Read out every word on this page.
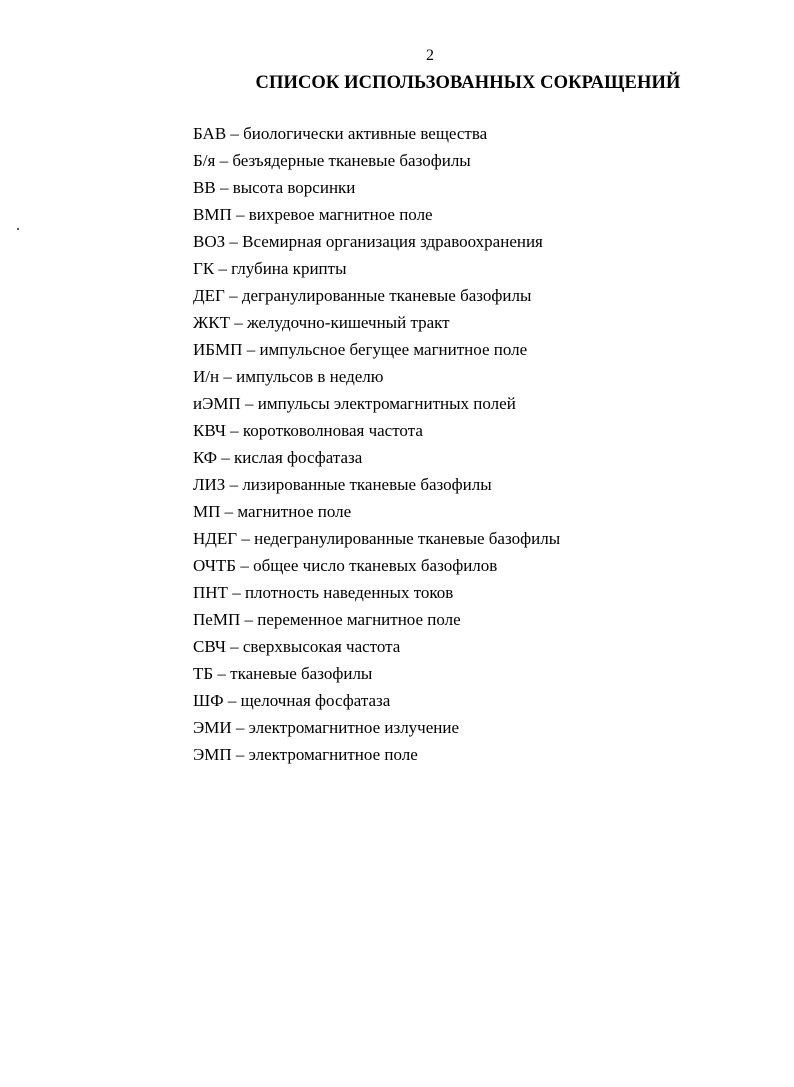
2
СПИСОК ИСПОЛЬЗОВАННЫХ СОКРАЩЕНИЙ
БАВ – биологически активные вещества
Б/я – безъядерные тканевые базофилы
ВВ – высота ворсинки
ВМП – вихревое магнитное поле
ВОЗ – Всемирная организация здравоохранения
ГК – глубина крипты
ДЕГ – дегранулированные тканевые базофилы
ЖКТ – желудочно-кишечный тракт
ИБМП – импульсное бегущее магнитное поле
И/н – импульсов в неделю
иЭМП – импульсы электромагнитных полей
КВЧ – коротковолновая частота
КФ – кислая фосфатаза
ЛИЗ – лизированные тканевые базофилы
МП – магнитное поле
НДЕГ – недегранулированные тканевые базофилы
ОЧТБ – общее число тканевых базофилов
ПНТ – плотность наведенных токов
ПеМП – переменное магнитное поле
СВЧ – сверхвысокая частота
ТБ – тканевые базофилы
ШФ – щелочная фосфатаза
ЭМИ – электромагнитное излучение
ЭМП – электромагнитное поле
